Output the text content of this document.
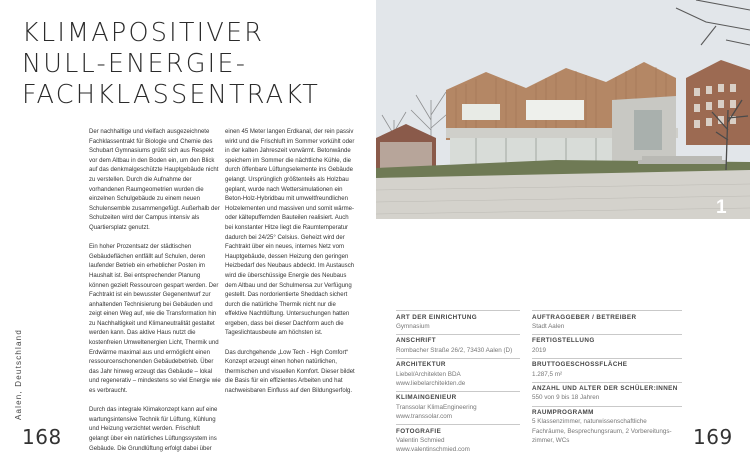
KLIMAPOSITIVER
NULL-ENERGIE-
FACHKLASSENTRAKT

Der nachhaltige und vielfach ausgezeichnete Fachklassentrakt für Biologie und Chemie des Schubart Gymnasiums grüßt sich aus Respekt vor dem Altbau in den Boden ein, um den Blick auf das denkmalgeschützte Hauptgebäude nicht zu verstellen. Durch die Aufnahme der vorhandenen Raumgeometrien wurden die einzelnen Schulgebäude zu einem neuen Schulensemble zusammengefügt. Außerhalb der Schulzeiten wird der Campus intensiv als Quartiersplatz genutzt.

Ein hoher Prozentsatz der städtischen Gebäudeflächen entfällt auf Schulen, deren laufender Betrieb ein erheblicher Posten im Haushalt ist. Bei entsprechender Planung können gezielt Ressourcen gespart werden. Der Fachtrakt ist ein bewusster Gegenentwurf zur anhaltenden Technisierung bei Gebäuden und zeigt einen Weg auf, wie die Transformation hin zu Nachhaltigkeit und Klimaneutralität gestaltet werden kann. Das aktive Haus nutzt die kostenfreien Umweltenergien Licht, Thermik und Erdwärme maximal aus und ermöglicht einen ressourcenschonenden Gebäudebetrieb. Über das Jahr hinweg erzeugt das Gebäude – lokal und regenerativ – mindestens so viel Energie wie es verbraucht.

Durch das integrale Klimakonzept kann auf eine wartungsintensive Technik für Lüftung, Kühlung und Heizung verzichtet werden. Frischluft gelangt über ein natürliches Lüftungssystem ins Gebäude. Die Grundlüftung erfolgt dabei über

einen 45 Meter langen Erdkanal, der rein passiv wirkt und die Frischluft im Sommer vorkühlt oder in der kalten Jahreszeit vorwärmt. Betonwände speichern im Sommer die nächtliche Kühle, die durch öffenbare Lüftungselemente ins Gebäude gelangt. Ursprünglich größtenteils als Holzbau geplant, wurde nach Wettersimulationen ein Beton-Holz-Hybridbau mit umweltfreundlichen Holzelementen und massiven und somit wärme- oder kältepuffernden Bauteilen realisiert. Auch bei konstanter Hitze liegt die Raumtemperatur dadurch bei 24/25° Celsius. Geheizt wird der Fachtrakt über ein neues, internes Netz vom Hauptgebäude, dessen Heizung den geringen Heizbedarf des Neubaus abdeckt. Im Austausch wird die überschüssige Energie des Neubaus dem Altbau und der Schulmensa zur Verfügung gestellt. Das nordorientierte Sheddach sichert durch die natürliche Thermik nicht nur die effektive Nachtlüftung. Untersuchungen hatten ergeben, dass bei dieser Dachform auch die Tageslichtausbeute am höchsten ist.

Das durchgehende „Low Tech - High Comfort“ Konzept erzeugt einen hohen natürlichen, thermischen und visuellen Komfort. Dieser bildet die Basis für ein effizientes Arbeiten und hat nachweisbaren Einfluss auf den Bildungserfolg.

Aalen, Deutschland
168
1
ART DER EINRICHTUNG
Gymnasium
ANSCHRIFT
Rombacher Straße 26/2, 73430 Aalen (D)
ARCHITEKTUR
Liebel/Architekten BDA
www.liebelarchitekten.de
KLIMAINGENIEUR
Transsolar KlimaEngineering
www.transsolar.com
FOTOGRAFIE
Valentin Schmied
www.valentinschmied.com
AUFTRAGGEBER / BETREIBER
Stadt Aalen
FERTIGSTELLUNG
2019
BRUTTOGESCHOSSFLÄCHE
1.287,5 m²
ANZAHL UND ALTER DER SCHÜLER:INNEN
550 von 9 bis 18 Jahren
RAUMPROGRAMM
5 Klassenzimmer, naturwissenschaftliche
Fachräume, Besprechungsraum, 2 Vorbereitungs-
zimmer, WCs	169
